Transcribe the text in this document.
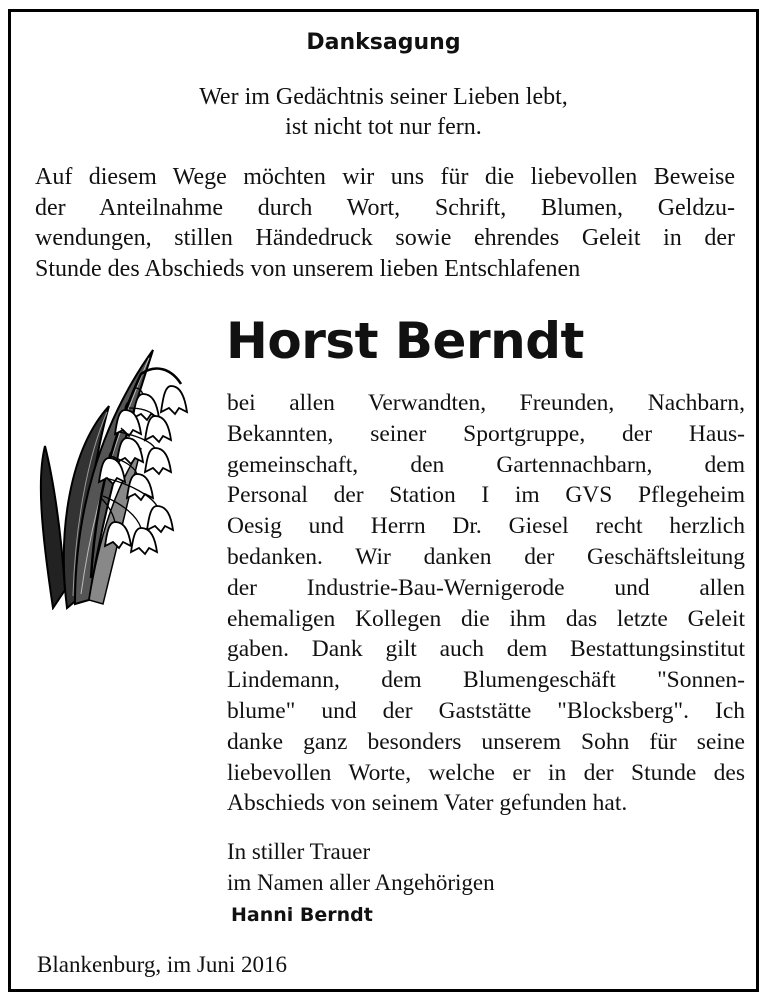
Danksagung
Wer im Gedächtnis seiner Lieben lebt,
ist nicht tot nur fern.
Auf diesem Wege möchten wir uns für die liebevollen Beweise
der Anteilnahme durch Wort, Schrift, Blumen, Geldzu-
wendungen, stillen Händedruck sowie ehrendes Geleit in der
Stunde des Abschieds von unserem lieben Entschlafenen
Horst Berndt
bei allen Verwandten, Freunden, Nachbarn,
Bekannten, seiner Sportgruppe, der Haus-
gemeinschaft, den Gartennachbarn, dem
Personal der Station I im GVS Pflegeheim
Oesig und Herrn Dr. Giesel recht herzlich
bedanken. Wir danken der Geschäftsleitung
der Industrie-Bau-Wernigerode und allen
ehemaligen Kollegen die ihm das letzte Geleit
gaben. Dank gilt auch dem Bestattungsinstitut
Lindemann, dem Blumengeschäft "Sonnen-
blume" und der Gaststätte "Blocksberg". Ich
danke ganz besonders unserem Sohn für seine
liebevollen Worte, welche er in der Stunde des
Abschieds von seinem Vater gefunden hat.
In stiller Trauer
im Namen aller Angehörigen
Hanni Berndt
Blankenburg, im Juni 2016
